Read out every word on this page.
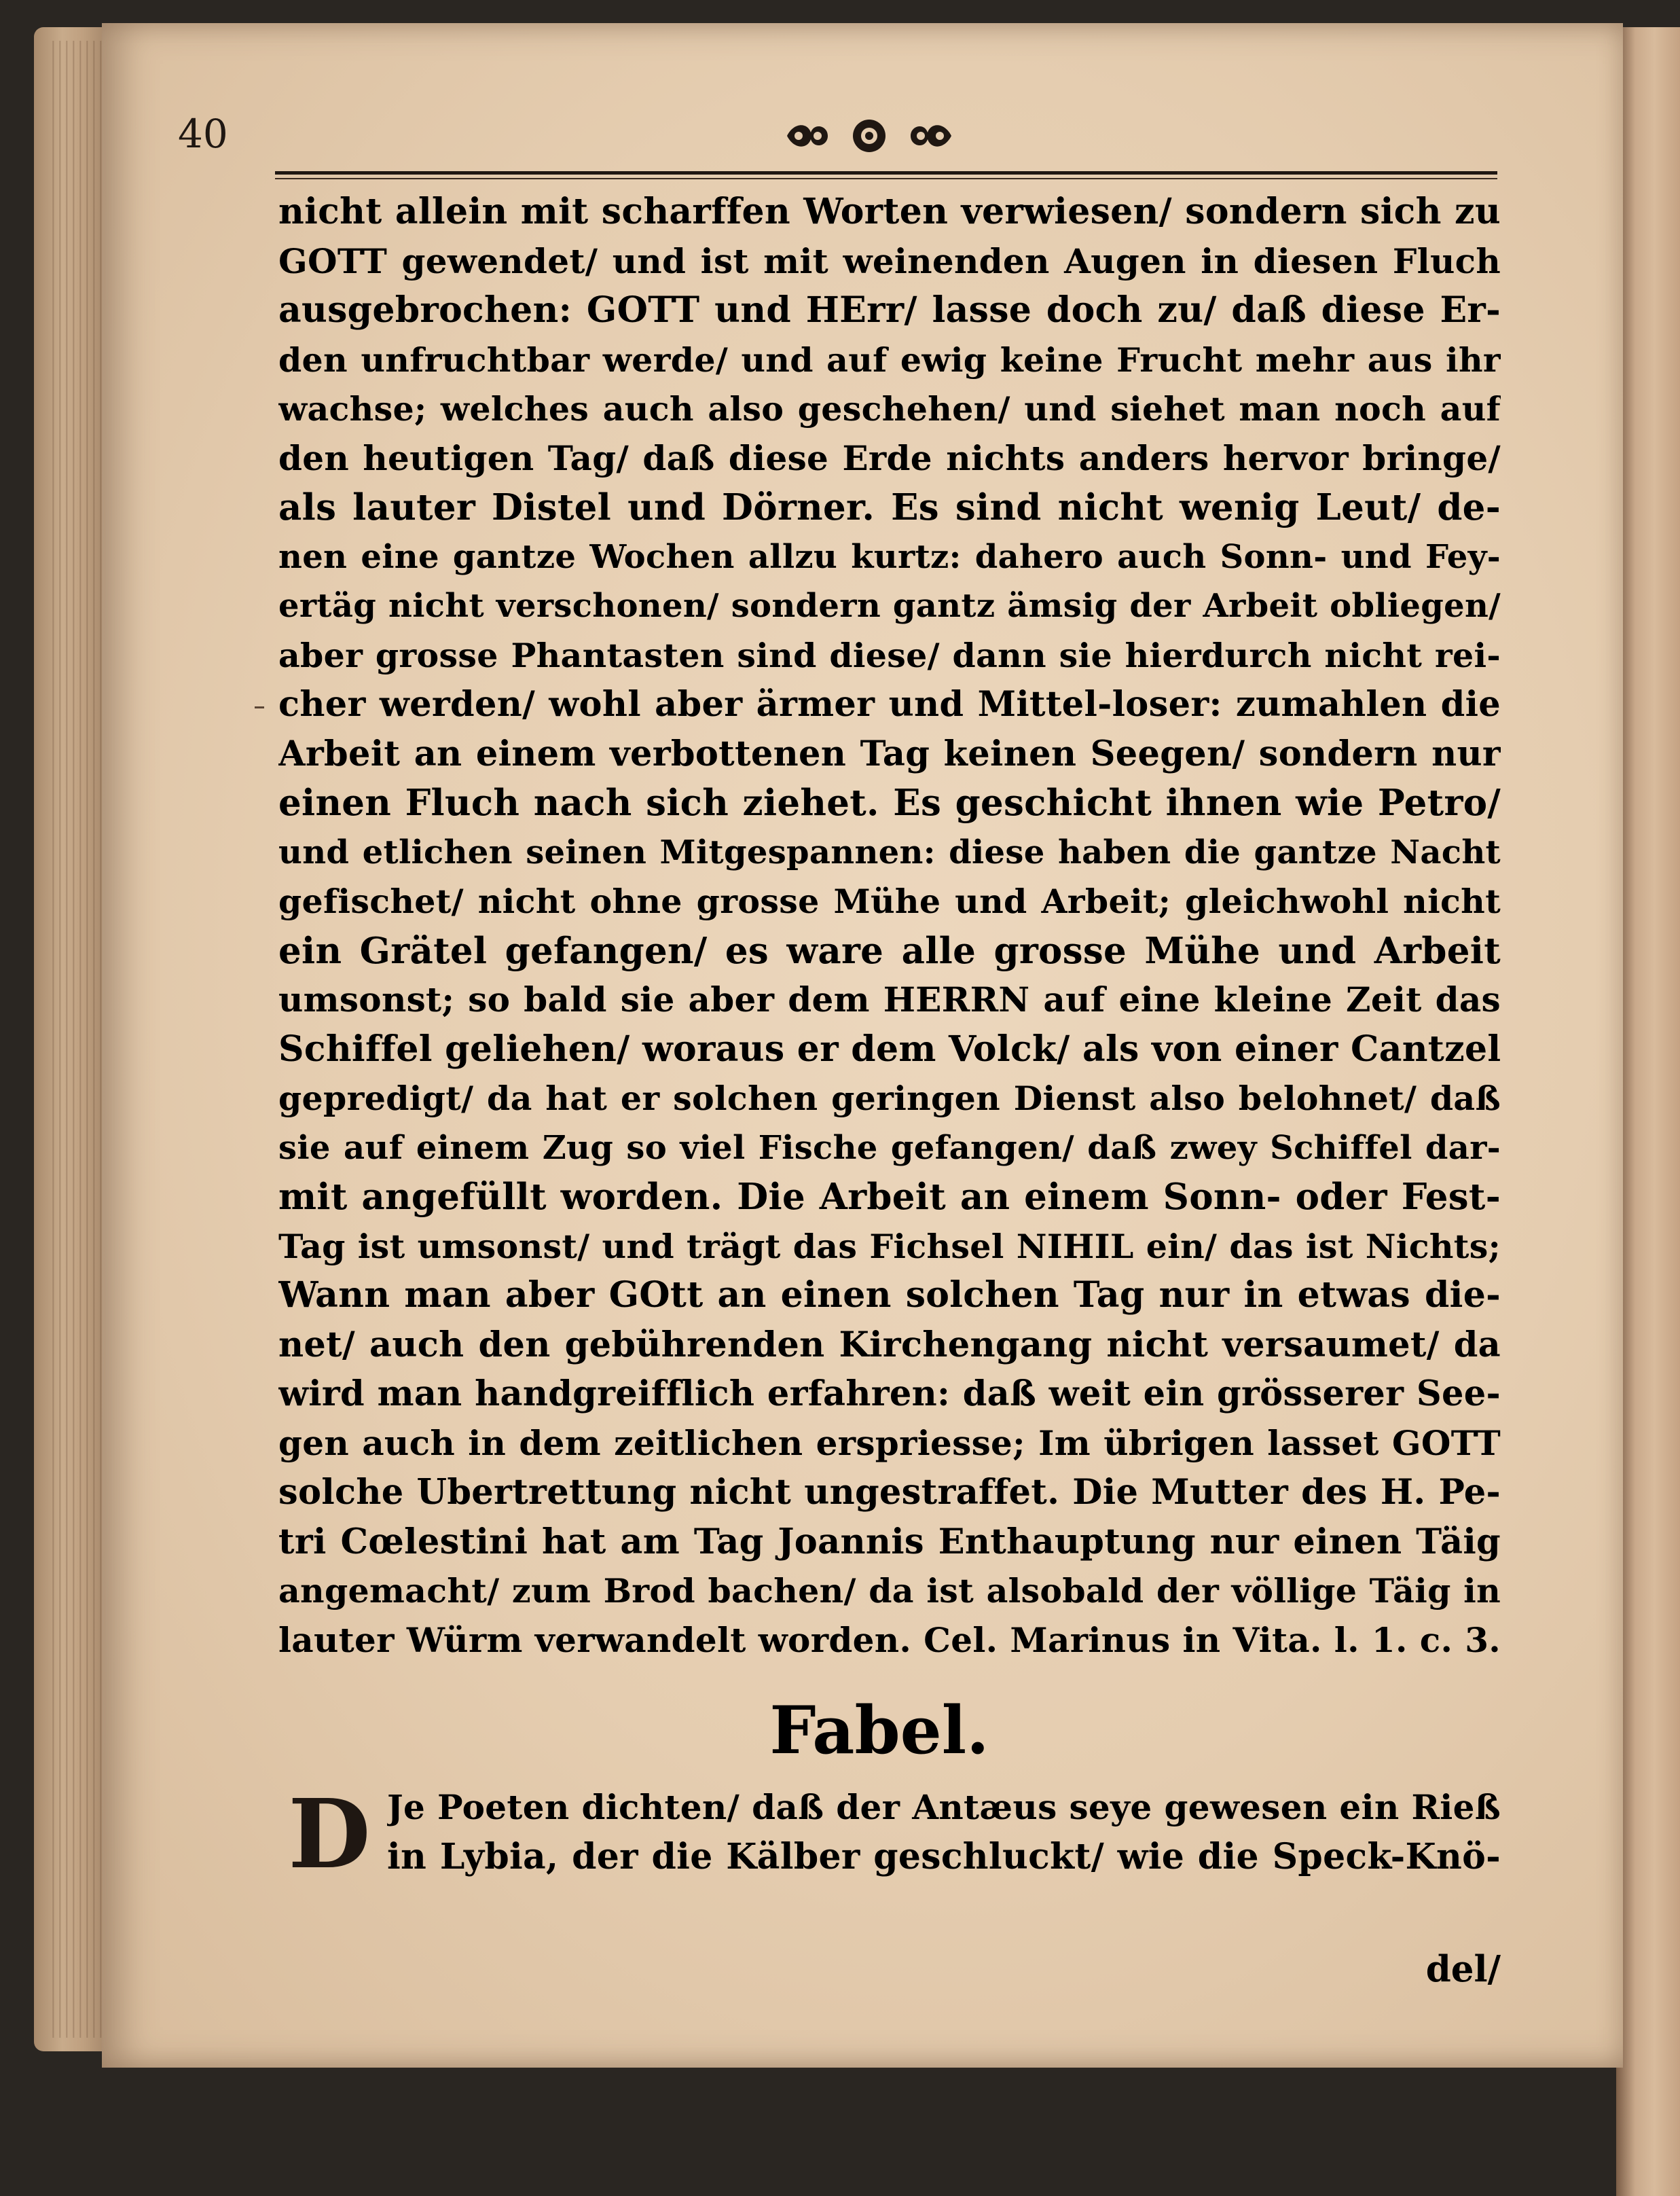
40
nicht allein mit scharffen Worten verwiesen/ sondern sich zu
GOTT gewendet/ und ist mit weinenden Augen in diesen Fluch
ausgebrochen: GOTT und HErr/ lasse doch zu/ daß diese Er-
den unfruchtbar werde/ und auf ewig keine Frucht mehr aus ihr
wachse; welches auch also geschehen/ und siehet man noch auf
den heutigen Tag/ daß diese Erde nichts anders hervor bringe/
als lauter Distel und Dörner. Es sind nicht wenig Leut/ de-
nen eine gantze Wochen allzu kurtz: dahero auch Sonn- und Fey-
ertäg nicht verschonen/ sondern gantz ämsig der Arbeit obliegen/
aber grosse Phantasten sind diese/ dann sie hierdurch nicht rei-
cher werden/ wohl aber ärmer und Mittel-loser: zumahlen die
Arbeit an einem verbottenen Tag keinen Seegen/ sondern nur
einen Fluch nach sich ziehet. Es geschicht ihnen wie Petro/
und etlichen seinen Mitgespannen: diese haben die gantze Nacht
gefischet/ nicht ohne grosse Mühe und Arbeit; gleichwohl nicht
ein Grätel gefangen/ es ware alle grosse Mühe und Arbeit
umsonst; so bald sie aber dem HERRN auf eine kleine Zeit das
Schiffel geliehen/ woraus er dem Volck/ als von einer Cantzel
gepredigt/ da hat er solchen geringen Dienst also belohnet/ daß
sie auf einem Zug so viel Fische gefangen/ daß zwey Schiffel dar-
mit angefüllt worden. Die Arbeit an einem Sonn- oder Fest-
Tag ist umsonst/ und trägt das Fichsel NIHIL ein/ das ist Nichts;
Wann man aber GOtt an einen solchen Tag nur in etwas die-
net/ auch den gebührenden Kirchengang nicht versaumet/ da
wird man handgreifflich erfahren: daß weit ein grösserer See-
gen auch in dem zeitlichen erspriesse; Im übrigen lasset GOTT
solche Ubertrettung nicht ungestraffet. Die Mutter des H. Pe-
tri Cœlestini hat am Tag Joannis Enthauptung nur einen Täig
angemacht/ zum Brod bachen/ da ist alsobald der völlige Täig in
lauter Würm verwandelt worden. Cel. Marinus in Vita. l. 1. c. 3.
Fabel.
D Je Poeten dichten/ daß der Antæus seye gewesen ein Rieß
in Lybia, der die Kälber geschluckt/ wie die Speck-Knö-
del/
